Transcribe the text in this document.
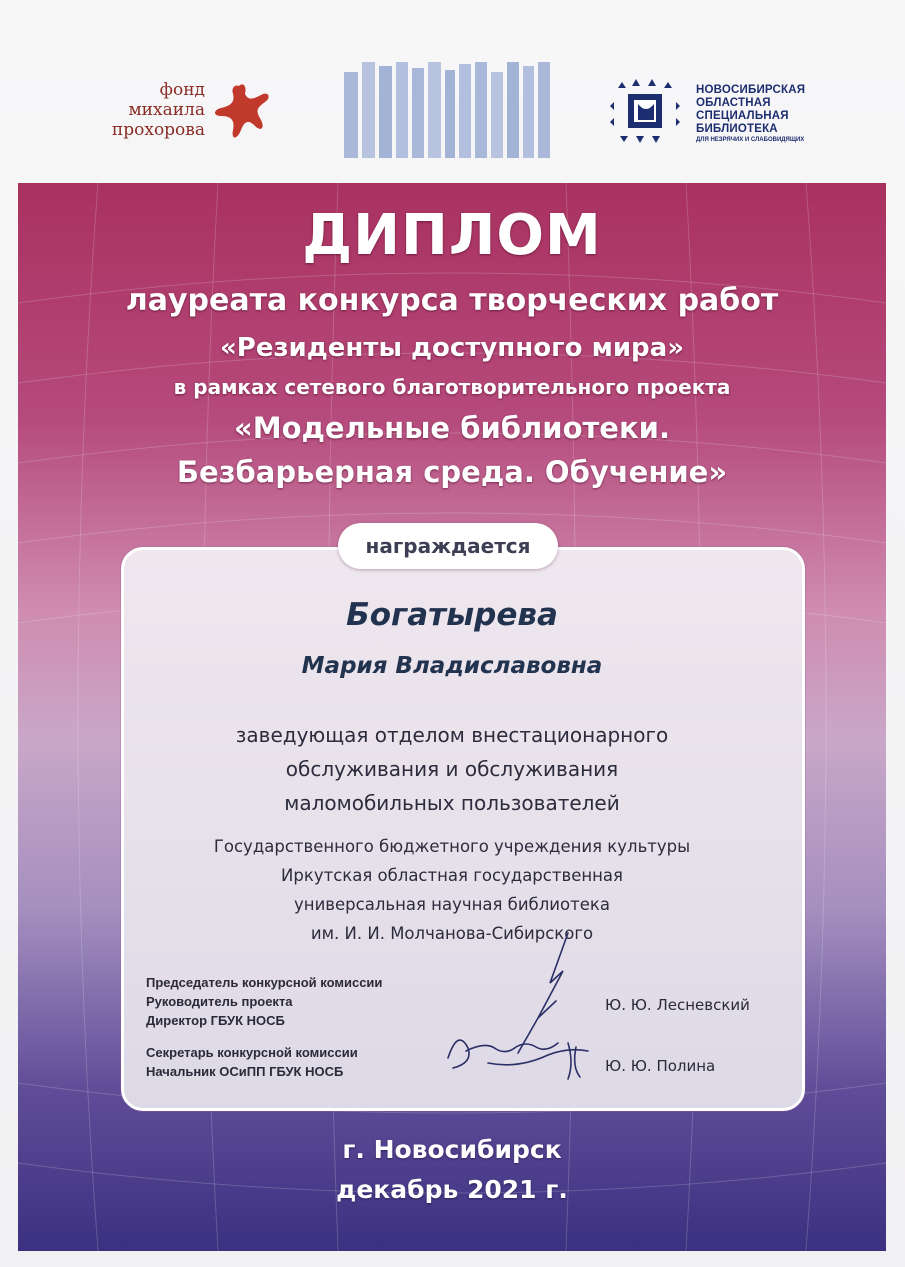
фонд
михаила
прохорова
НОВОСИБИРСКАЯ
ОБЛАСТНАЯ
СПЕЦИАЛЬНАЯ
БИБЛИОТЕКА
ДЛЯ НЕЗРЯЧИХ И СЛАБОВИДЯЩИХ
ДИПЛОМ
лауреата конкурса творческих работ
«Резиденты доступного мира»
в рамках сетевого благотворительного проекта
«Модельные библиотеки.
Безбарьерная среда. Обучение»
награждается
Богатырева
Мария Владиславовна
заведующая отделом внестационарного
обслуживания и обслуживания
маломобильных пользователей
Государственного бюджетного учреждения культуры
Иркутская областная государственная
универсальная научная библиотека
им. И. И. Молчанова-Сибирского
Председатель конкурсной комиссии
Руководитель проекта
Директор ГБУК НОСБ
Ю. Ю. Лесневский
Секретарь конкурсной комиссии
Начальник ОСиПП ГБУК НОСБ	Ю. Ю. Полина
г. Новосибирск
декабрь 2021 г.
